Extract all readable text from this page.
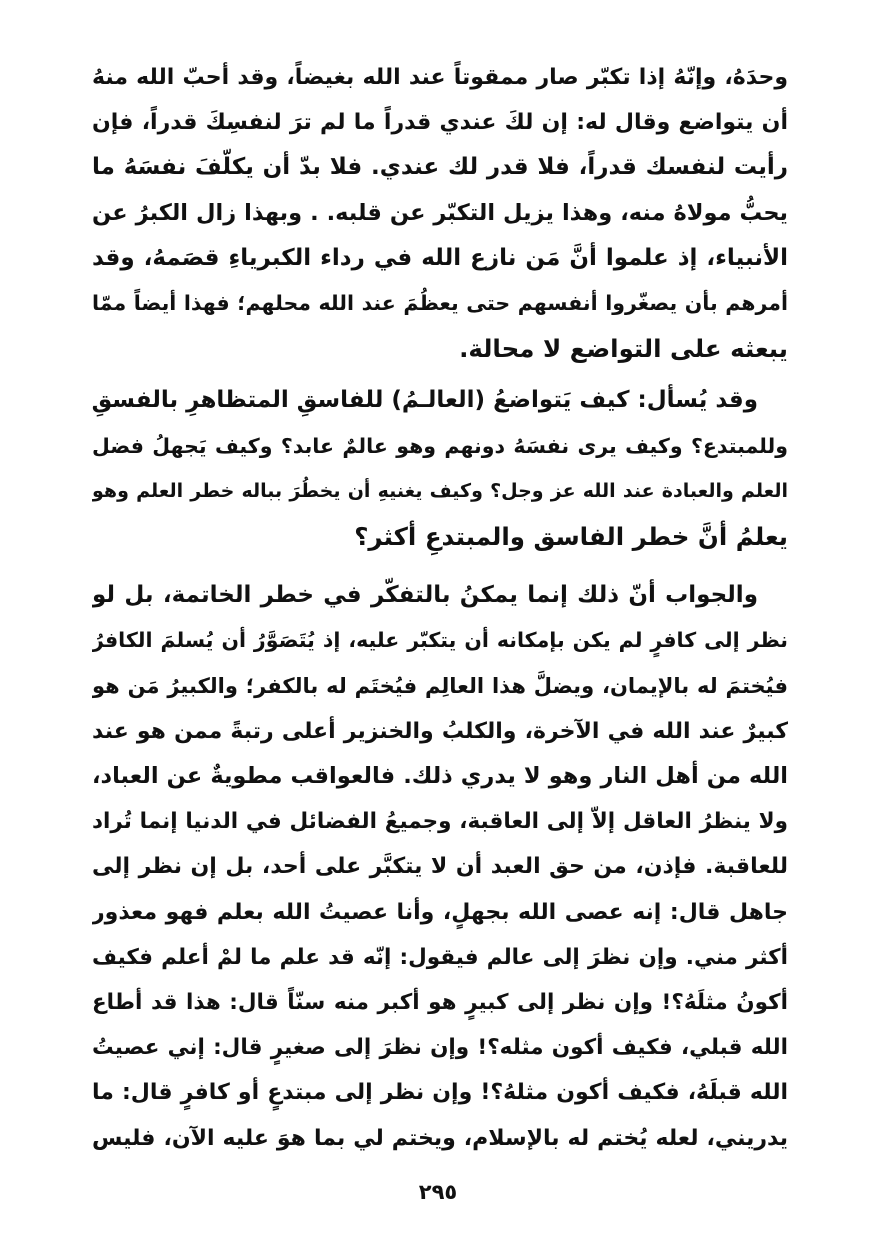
وحدَهُ، وإنّهُ إذا تكبّر صار ممقوتاً عند الله بغيضاً، وقد أحبّ الله منهُ
أن يتواضع وقال له: إن لكَ عندي قدراً ما لم ترَ لنفسِكَ قدراً، فإن
رأيت لنفسك قدراً، فلا قدر لك عندي. فلا بدّ أن يكلّفَ نفسَهُ ما
يحبُّ مولاهُ منه، وهذا يزيل التكبّر عن قلبه. . وبهذا زال الكبرُ عن
الأنبياء، إذ علموا أنَّ مَن نازع الله في رداء الكبرياءِ قصَمهُ، وقد
أمرهم بأن يصغّروا أنفسهم حتى يعظُمَ عند الله محلهم؛ فهذا أيضاً ممّا
يبعثه على التواضع لا محالة.

وقد يُسأل: كيف يَتواضعُ (العالـمُ) للفاسقِ المتظاهرِ بالفسقِ
وللمبتدع؟ وكيف يرى نفسَهُ دونهم وهو عالمٌ عابد؟ وكيف يَجهلُ فضل
العلم والعبادة عند الله عز وجل؟ وكيف يغنيهِ أن يخطُرَ بباله خطر العلم وهو
يعلمُ أنَّ خطر الفاسق والمبتدعِ أكثر؟

والجواب أنّ ذلك إنما يمكنُ بالتفكّر في خطر الخاتمة، بل لو
نظر إلى كافرٍ لم يكن بإمكانه أن يتكبّر عليه، إذ يُتَصَوَّرُ أن يُسلمَ الكافرُ
فيُختمَ له بالإيمان، ويضلَّ هذا العالِم فيُختَم له بالكفر؛ والكبيرُ مَن هو
كبيرٌ عند الله في الآخرة، والكلبُ والخنزير أعلى رتبةً ممن هو عند
الله من أهل النار وهو لا يدري ذلك. فالعواقب مطويةٌ عن العباد،
ولا ينظرُ العاقل إلاّ إلى العاقبة، وجميعُ الفضائل في الدنيا إنما تُراد
للعاقبة. فإذن، من حق العبد أن لا يتكبَّر على أحد، بل إن نظر إلى
جاهل قال: إنه عصى الله بجهلٍ، وأنا عصيتُ الله بعلم فهو معذور
أكثر مني. وإن نظرَ إلى عالم فيقول: إنّه قد علم ما لمْ أعلم فكيف
أكونُ مثلَهُ؟! وإن نظر إلى كبيرٍ هو أكبر منه سنّاً قال: هذا قد أطاع
الله قبلي، فكيف أكون مثله؟! وإن نظرَ إلى صغيرٍ قال: إني عصيتُ
الله قبلَهُ، فكيف أكون مثلهُ؟! وإن نظر إلى مبتدعٍ أو كافرٍ قال: ما
يدريني، لعله يُختم له بالإسلام، ويختم لي بما هوَ عليه الآن، فليس

٢٩٥
